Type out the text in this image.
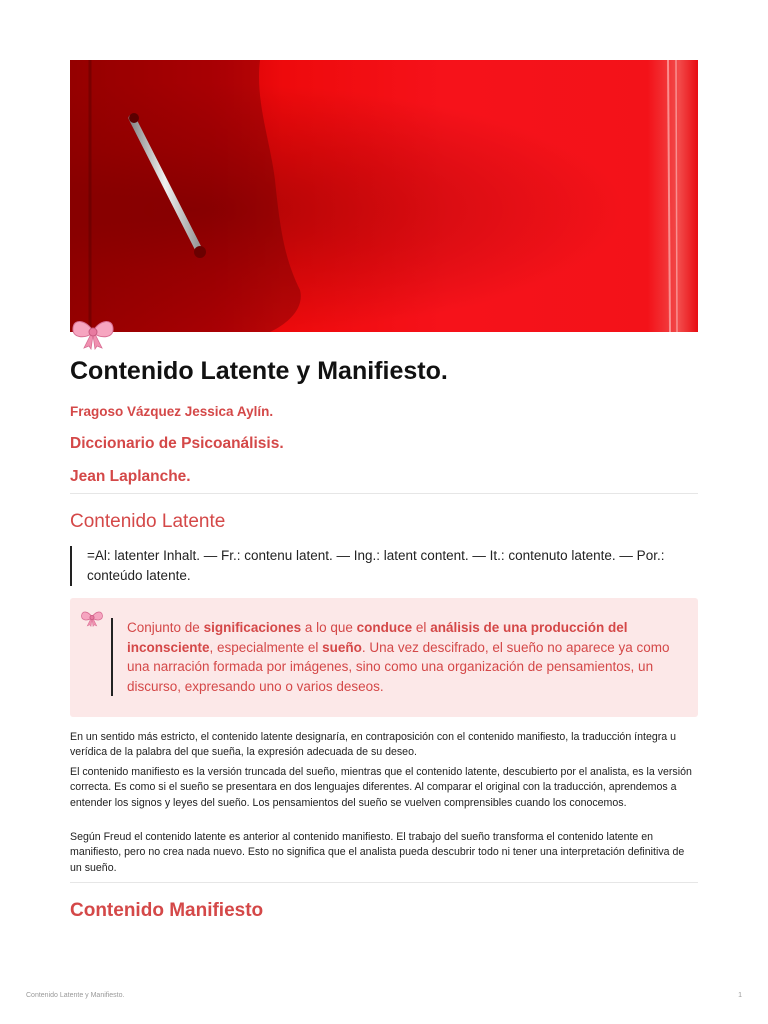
Contenido Latente y Manifiesto.
Fragoso Vázquez Jessica Aylín.
Diccionario de Psicoanálisis.
Jean Laplanche.
Contenido Latente
=Al: latenter Inhalt. — Fr.: contenu latent. — Ing.: latent content. — It.: contenuto latente. — Por.: conteúdo latente.
Conjunto de significaciones a lo que conduce el análisis de una producción del inconsciente, especialmente el sueño. Una vez descifrado, el sueño no aparece ya como una narración formada por imágenes, sino como una organización de pensamientos, un discurso, expresando uno o varios deseos.

En un sentido más estricto, el contenido latente designaría, en contraposición con el contenido manifiesto, la traducción íntegra u verídica de la palabra del que sueña, la expresión adecuada de su deseo.

El contenido manifiesto es la versión truncada del sueño, mientras que el contenido latente, descubierto por el analista, es la versión correcta. Es como si el sueño se presentara en dos lenguajes diferentes. Al comparar el original con la traducción, aprendemos a entender los signos y leyes del sueño. Los pensamientos del sueño se vuelven comprensibles cuando los conocemos.

Según Freud el contenido latente es anterior al contenido manifiesto. El trabajo del sueño transforma el contenido latente en manifiesto, pero no crea nada nuevo. Esto no significa que el analista pueda descubrir todo ni tener una interpretación definitiva de un sueño.

Contenido Manifiesto
Contenido Latente y Manifiesto.	1
